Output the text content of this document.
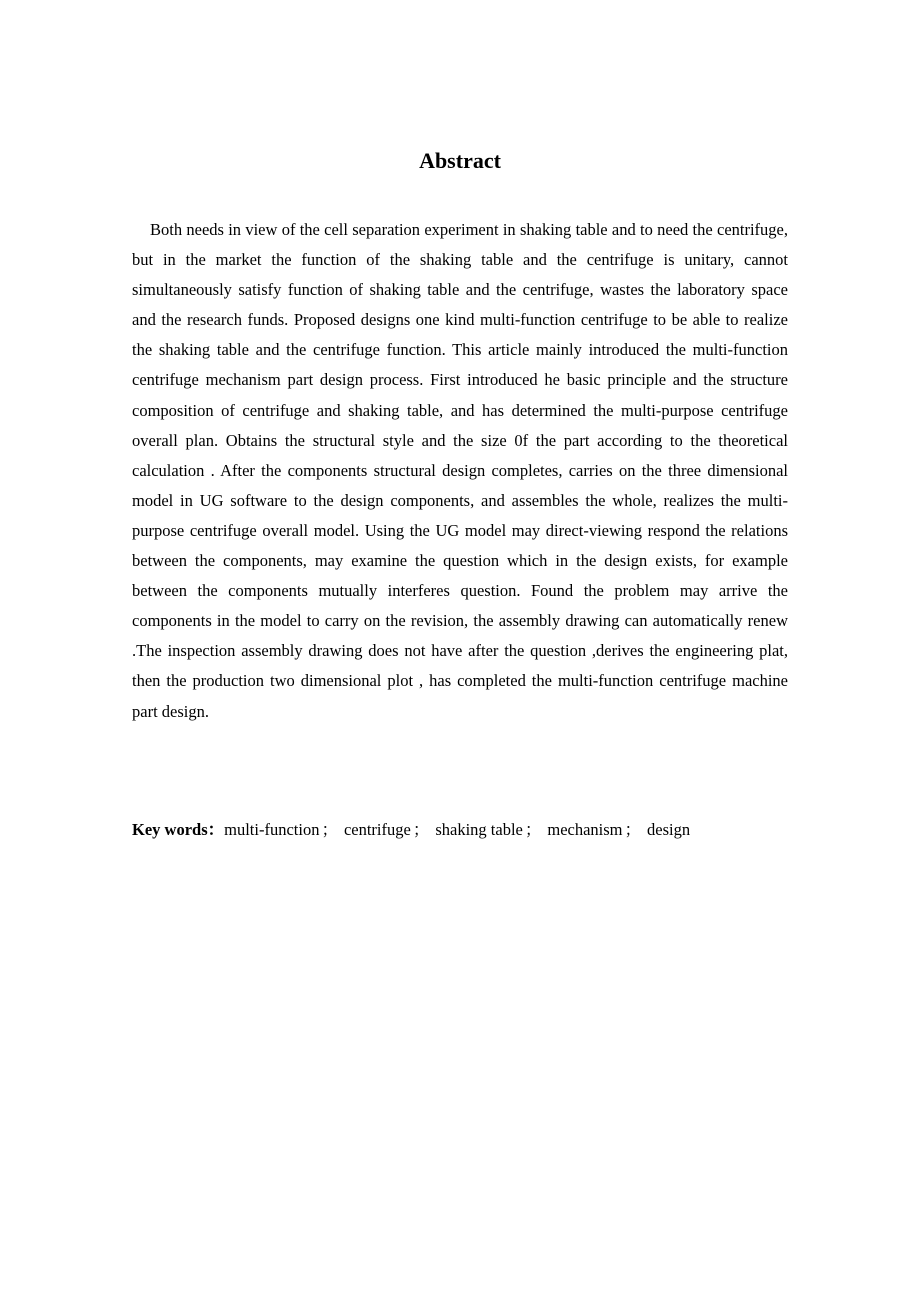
Abstract

Both needs in view of the cell separation experiment in shaking table and to need the centrifuge, but in the market the function of the shaking table and the centrifuge is unitary, cannot simultaneously satisfy function of shaking table and the centrifuge, wastes the laboratory space and the research funds. Proposed designs one kind multi-function centrifuge to be able to realize the shaking table and the centrifuge function. This article mainly introduced the multi-function centrifuge mechanism part design process. First introduced he basic principle and the structure composition of centrifuge and shaking table, and has determined the multi-purpose centrifuge overall plan. Obtains the structural style and the size 0f the part according to the theoretical calculation . After the components structural design completes, carries on the three dimensional model in UG software to the design components, and assembles the whole, realizes the multi-purpose centrifuge overall model. Using the UG model may direct-viewing respond the relations between the components, may examine the question which in the design exists, for example between the components mutually interferes question. Found the problem may arrive the components in the model to carry on the revision, the assembly drawing can automatically renew .The inspection assembly drawing does not have after the question ,derives the engineering plat, then the production two dimensional plot , has completed the multi-function centrifuge machine part design.

Key words：multi-function ； centrifuge ； shaking table ； mechanism ； design
